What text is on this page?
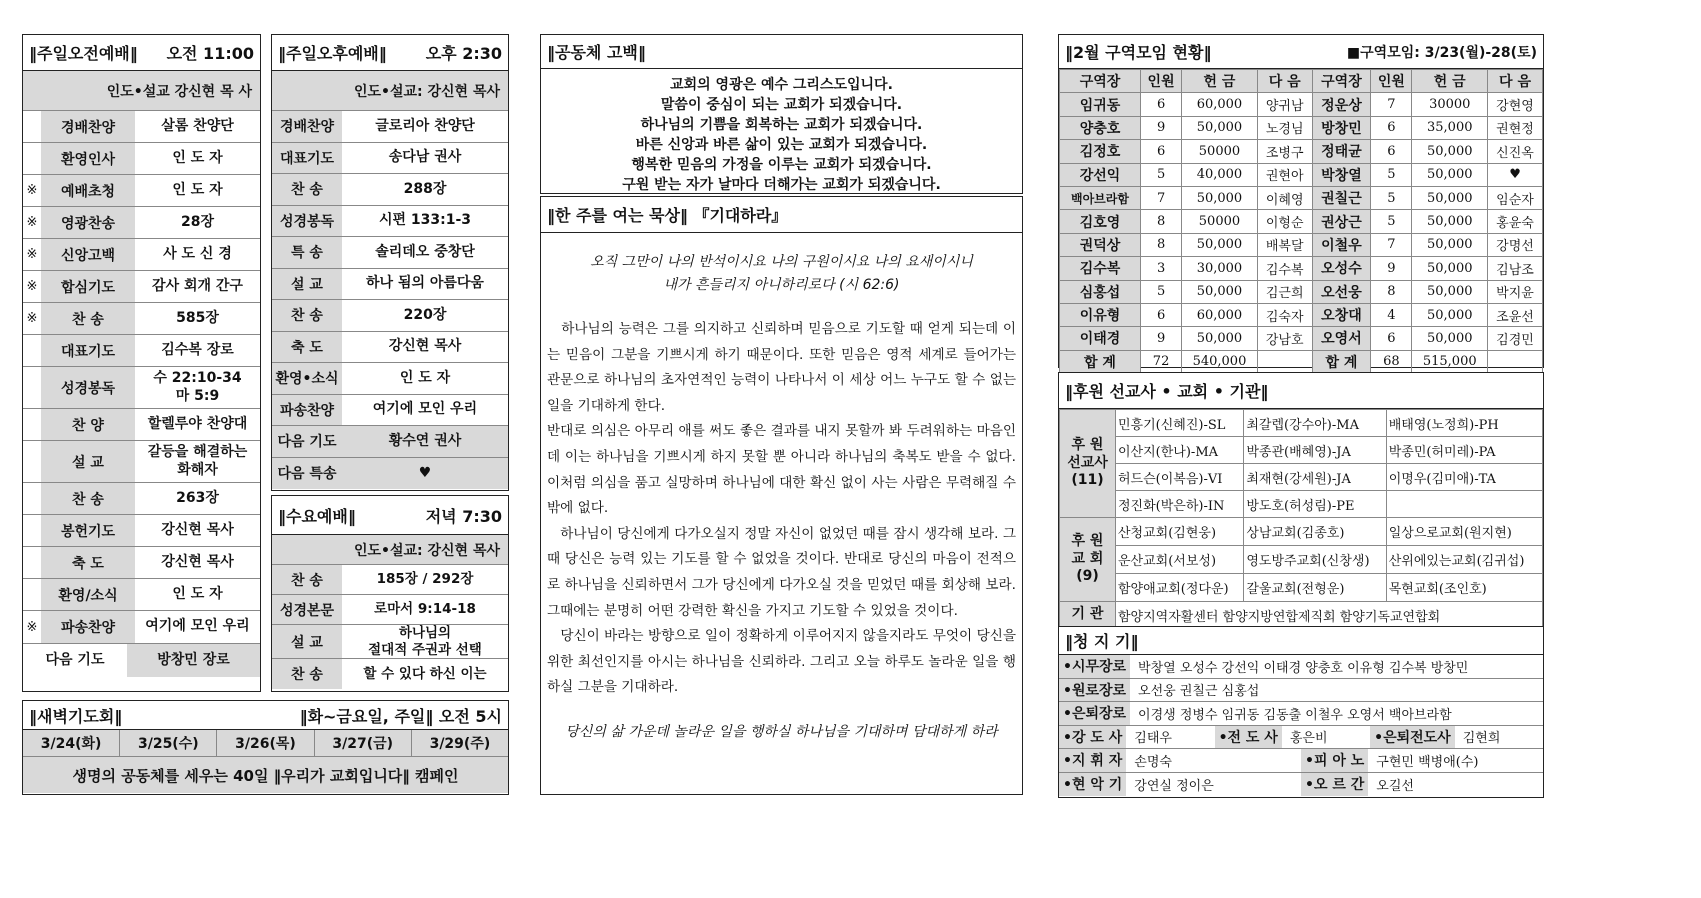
‖주일오전예배‖ 오전 11:00
인도•설교 강신현 목 사
경배찬양	살롬 찬양단
환영인사	인 도 자
※	예배초청	인 도 자
※	영광찬송	28장
※	신앙고백	사 도 신 경
※	합심기도	감사 회개 간구
※	찬 송	585장
대표기도	김수복 장로
성경봉독
수 22:10-34
마 5:9
찬 양	할렐루야 찬양대
설 교
갈등을 해결하는
화해자
찬 송	263장
봉헌기도	강신현 목사
축 도	강신현 목사
환영/소식	인 도 자
※	파송찬양	여기에 모인 우리
다음 기도	방창민 장로
‖주일오후예배‖ 오후 2:30
인도•설교: 강신현 목사
경배찬양	글로리아 찬양단
대표기도	송다남 권사
찬 송	288장
성경봉독	시편 133:1-3
특 송	솔리데오 중창단
설 교	하나 됨의 아름다움
찬 송	220장
축 도	강신현 목사
환영•소식	인 도 자
파송찬양	여기에 모인 우리
다음 기도	황수연 권사
다음 특송	♥
‖수요예배‖	저녁 7:30
인도•설교: 강신현 목사
찬 송	185장 / 292장
성경본문	로마서 9:14-18
설 교
하나님의
절대적 주권과 선택
찬 송	할 수 있다 하신 이는
‖새벽기도회‖	‖화~금요일, 주일‖ 오전 5시
3/24(화)	3/25(수)	3/26(목)	3/27(금)	3/29(주)
생명의 공동체를 세우는 40일 ‖우리가 교회입니다‖ 캠페인
‖공동체 고백‖
교회의 영광은 예수 그리스도입니다.
말씀이 중심이 되는 교회가 되겠습니다.
하나님의 기쁨을 회복하는 교회가 되겠습니다.
바른 신앙과 바른 삶이 있는 교회가 되겠습니다.
행복한 믿음의 가정을 이루는 교회가 되겠습니다.
구원 받는 자가 날마다 더해가는 교회가 되겠습니다.
‖한 주를 여는 묵상‖ 『기대하라』
오직 그만이 나의 반석이시요 나의 구원이시요 나의 요새이시니
내가 흔들리지 아니하리로다 (시 62:6)

하나님의 능력은 그를 의지하고 신뢰하며 믿음으로 기도할 때 얻게 되는데 이는 믿음이 그분을 기쁘시게 하기 때문이다. 또한 믿음은 영적 세계로 들어가는 관문으로 하나님의 초자연적인 능력이 나타나서 이 세상 어느 누구도 할 수 없는 일을 기대하게 한다.

반대로 의심은 아무리 애를 써도 좋은 결과를 내지 못할까 봐 두려워하는 마음인데 이는 하나님을 기쁘시게 하지 못할 뿐 아니라 하나님의 축복도 받을 수 없다. 이처럼 의심을 품고 실망하며 하나님에 대한 확신 없이 사는 사람은 무력해질 수밖에 없다.

하나님이 당신에게 다가오실지 정말 자신이 없었던 때를 잠시 생각해 보라. 그때 당신은 능력 있는 기도를 할 수 없었을 것이다. 반대로 당신의 마음이 전적으로 하나님을 신뢰하면서 그가 당신에게 다가오실 것을 믿었던 때를 회상해 보라. 그때에는 분명히 어떤 강력한 확신을 가지고 기도할 수 있었을 것이다.

당신이 바라는 방향으로 일이 정확하게 이루어지지 않을지라도 무엇이 당신을 위한 최선인지를 아시는 하나님을 신뢰하라. 그리고 오늘 하루도 놀라운 일을 행하실 그분을 기대하라.

당신의 삶 가운데 놀라운 일을 행하실 하나님을 기대하며 담대하게 하라
‖2월 구역모임 현황‖	■구역모임: 3/23(월)-28(토)
구역장	인원	헌 금	다 음	구역장	인원	헌 금	다 음
임귀동	6	60,000	양귀남	정운상	7	30000	강현영
양충호	9	50,000	노경님	방창민	6	35,000	권현정
김정호	6	50000	조병구	정태균	6	50,000	신진옥
강선익	5	40,000	권현아	박창열	5	50,000	♥
백아브라함	7	50,000	이혜영	권칠근	5	50,000	임순자
김호영	8	50000	이형순	권상근	5	50,000	홍윤숙
권덕상	8	50,000	배복달	이철우	7	50,000	강명선
김수복	3	30,000	김수복	오성수	9	50,000	김남조
심홍섭	5	50,000	김근희	오선웅	8	50,000	박지윤
이유형	6	60,000	김숙자	오창대	4	50,000	조윤선
이태경	9	50,000	강남호	오영서	6	50,000	김경민
합 계	72	540,000		합 계	68	515,000	
‖후원 선교사 • 교회 • 기관‖
후 원
선교사
(11)	민흥기(신혜진)-SL	최갈렙(강수아)-MA	배태영(노정희)-PH
	이산지(한나)-MA	박종관(배혜영)-JA	박종민(허미레)-PA
	허드슨(이복음)-VI	최재현(강세원)-JA	이명우(김미애)-TA
	정진화(박은하)-IN	방도호(허성림)-PE	
후 원
교 회
(9)	산청교회(김현웅)	상남교회(김종호)	일상으로교회(원지현)
	운산교회(서보성)	영도방주교회(신창생)	산위에있는교회(김귀섭)
	함양애교회(정다운)	갈울교회(전형운)	목현교회(조인호)
기 관	함양지역자활센터 함양지방연합제직회 함양기독교연합회		
‖청 지 기‖
•시무장로 박창열 오성수 강선익 이태경 양충호 이유형 김수복 방창민
•원로장로 오선웅 권칠근 심홍섭
•은퇴장로 이경생 정병수 임귀동 김동출 이철우 오영서 백아브라함
•강 도 사 김태우	•전 도 사 홍은비	•은퇴전도사 김현희
•지 휘 자 손명숙	•피 아 노 구현민 백병애(수)
•현 악 기 강연실 정이은	•오 르 간 오길선
